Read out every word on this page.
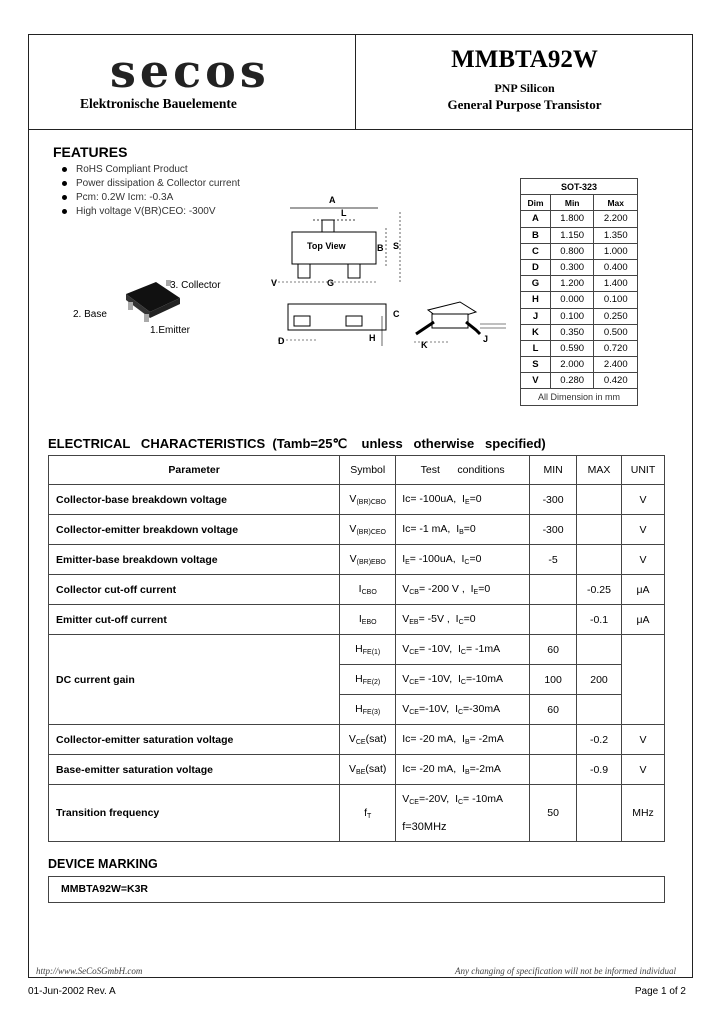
secos
Elektronische Bauelemente
MMBTA92W
PNP Silicon
General Purpose Transistor
FEATURES
RoHS Compliant Product
Power dissipation & Collector current
Pcm: 0.2W Icm: -0.3A
High voltage V(BR)CEO: -300V
3. Collector
2. Base
1.Emitter
A
L
Top View	B S
V	G
C
D	H
K
J
SOT-323		
Dim	Min	Max
A	1.800	2.200
B	1.150	1.350
C	0.800	1.000
D	0.300	0.400
G	1.200	1.400
H	0.000	0.100
J	0.100	0.250
K	0.350	0.500
L	0.590	0.720
S	2.000	2.400
V	0.280	0.420
All Dimension in mm		
ELECTRICAL   CHARACTERISTICS  (Tamb=25℃    unless   otherwise   specified)
Parameter	Symbol	Test      conditions	MIN	MAX	UNIT
Collector-base breakdown voltage	$V_{(BR)CBO}$	Ic= -100uA, $I_E=0$	-300		V
Collector-emitter breakdown voltage	$V_{(BR)CEO}$	Ic= -1 mA, $I_B=0$	-300		V
Emitter-base breakdown voltage	$V_{(BR)EBO}$	$I_E= -100uA$, $I_C=0$	-5		V
Collector cut-off current	$I_{CBO}$	$V_{CB}= -200$ V , $I_E=0$		-0.25	μA
Emitter cut-off current	$I_{EBO}$	$V_{EB}= -5V$ , $I_C=0$		-0.1	μA
DC current gain	$H_{FE(1)}$	$V_{CE}= -10V$, $I_C= -1mA$	60		
	$H_{FE(2)}$	$V_{CE}= -10V$, $I_C=-10mA$	100	200	
	$H_{FE(3)}$	$V_{CE}=-10V$, $I_C=-30mA$	60		
Collector-emitter saturation voltage	$V_{CE}(sat)$	Ic= -20 mA, $I_B= -2mA$		-0.2	V
Base-emitter saturation voltage	$V_{BE}(sat)$	Ic= -20 mA, $I_B=-2mA$		-0.9	V
Transition frequency	$f_T$	$V_{CE}=-20V$, $I_C= -10mA$	50		MHz
		f=30MHz			
DEVICE MARKING
MMBTA92W=K3R
http://www.SeCoSGmbH.com	Any changing of specification will not be informed individual
01-Jun-2002 Rev. A	Page 1 of 2
